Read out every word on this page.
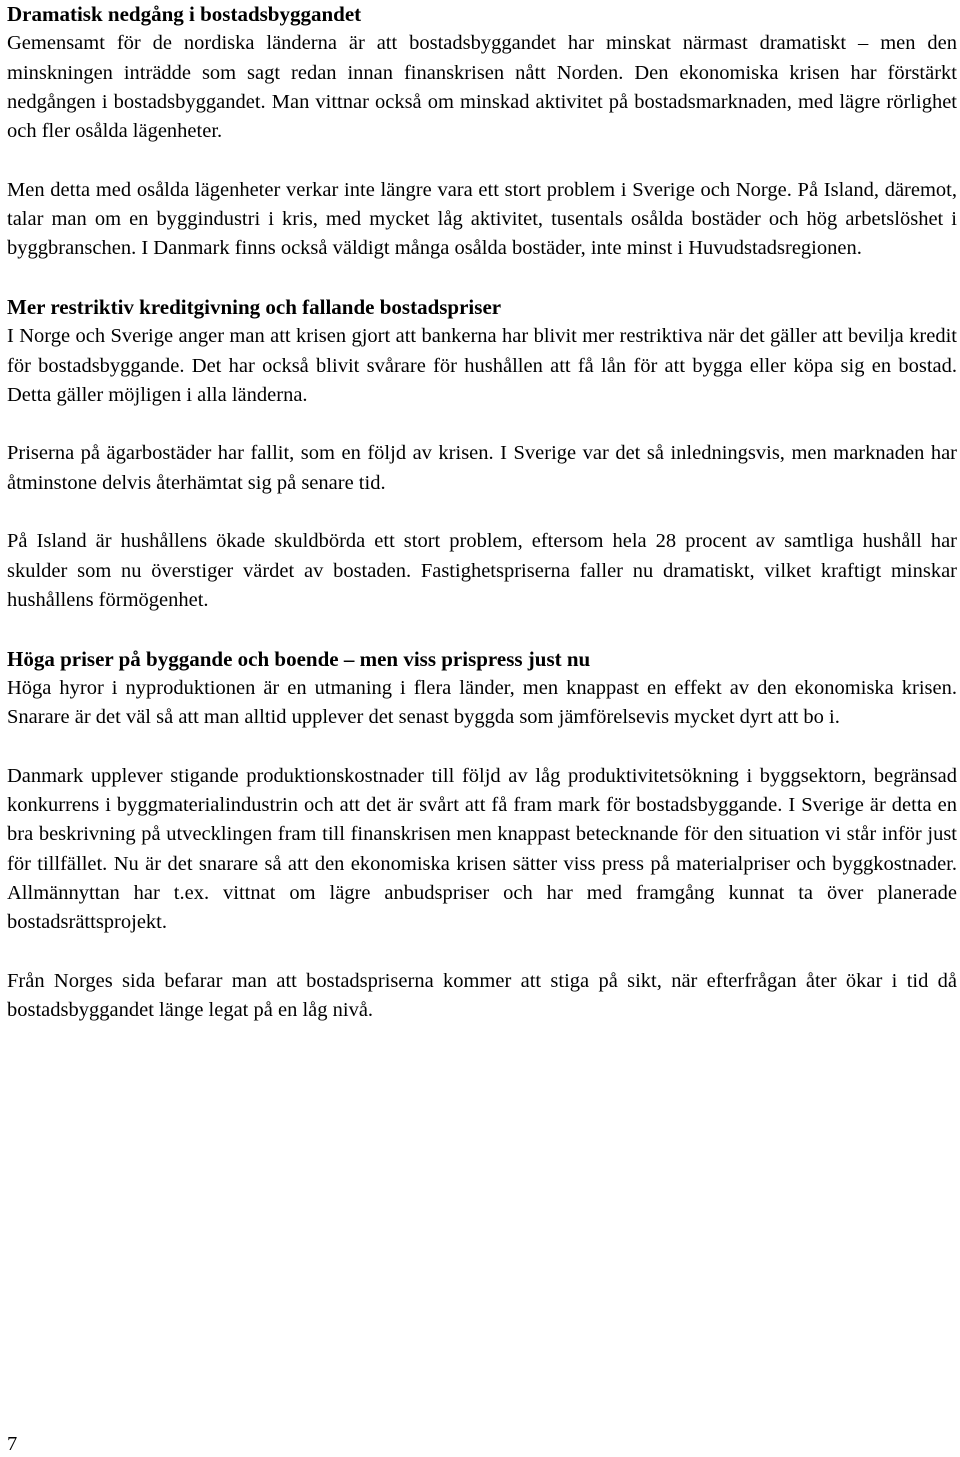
Dramatisk nedgång i bostadsbyggandet

Gemensamt för de nordiska länderna är att bostadsbyggandet har minskat närmast dramatiskt – men den minskningen inträdde som sagt redan innan finanskrisen nått Norden. Den ekonomiska krisen har förstärkt nedgången i bostadsbyggandet. Man vittnar också om minskad aktivitet på bostadsmarknaden, med lägre rörlighet och fler osålda lägenheter.

Men detta med osålda lägenheter verkar inte längre vara ett stort problem i Sverige och Norge. På Island, däremot, talar man om en byggindustri i kris, med mycket låg aktivitet, tusentals osålda bostäder och hög arbetslöshet i byggbranschen. I Danmark finns också väldigt många osålda bostäder, inte minst i Huvudstadsregionen.

Mer restriktiv kreditgivning och fallande bostadspriser

I Norge och Sverige anger man att krisen gjort att bankerna har blivit mer restriktiva när det gäller att bevilja kredit för bostadsbyggande. Det har också blivit svårare för hushållen att få lån för att bygga eller köpa sig en bostad. Detta gäller möjligen i alla länderna.

Priserna på ägarbostäder har fallit, som en följd av krisen. I Sverige var det så inledningsvis, men marknaden har åtminstone delvis återhämtat sig på senare tid.

På Island är hushållens ökade skuldbörda ett stort problem, eftersom hela 28 procent av samtliga hushåll har skulder som nu överstiger värdet av bostaden. Fastighetspriserna faller nu dramatiskt, vilket kraftigt minskar hushållens förmögenhet.

Höga priser på byggande och boende – men viss prispress just nu

Höga hyror i nyproduktionen är en utmaning i flera länder, men knappast en effekt av den ekonomiska krisen. Snarare är det väl så att man alltid upplever det senast byggda som jämförelsevis mycket dyrt att bo i.

Danmark upplever stigande produktionskostnader till följd av låg produktivitetsökning i byggsektorn, begränsad konkurrens i byggmaterialindustrin och att det är svårt att få fram mark för bostadsbyggande. I Sverige är detta en bra beskrivning på utvecklingen fram till finanskrisen men knappast betecknande för den situation vi står inför just för tillfället. Nu är det snarare så att den ekonomiska krisen sätter viss press på materialpriser och byggkostnader. Allmännyttan har t.ex. vittnat om lägre anbudspriser och har med framgång kunnat ta över planerade bostadsrättsprojekt.

Från Norges sida befarar man att bostadspriserna kommer att stiga på sikt, när efterfrågan åter ökar i tid då bostadsbyggandet länge legat på en låg nivå.

7
